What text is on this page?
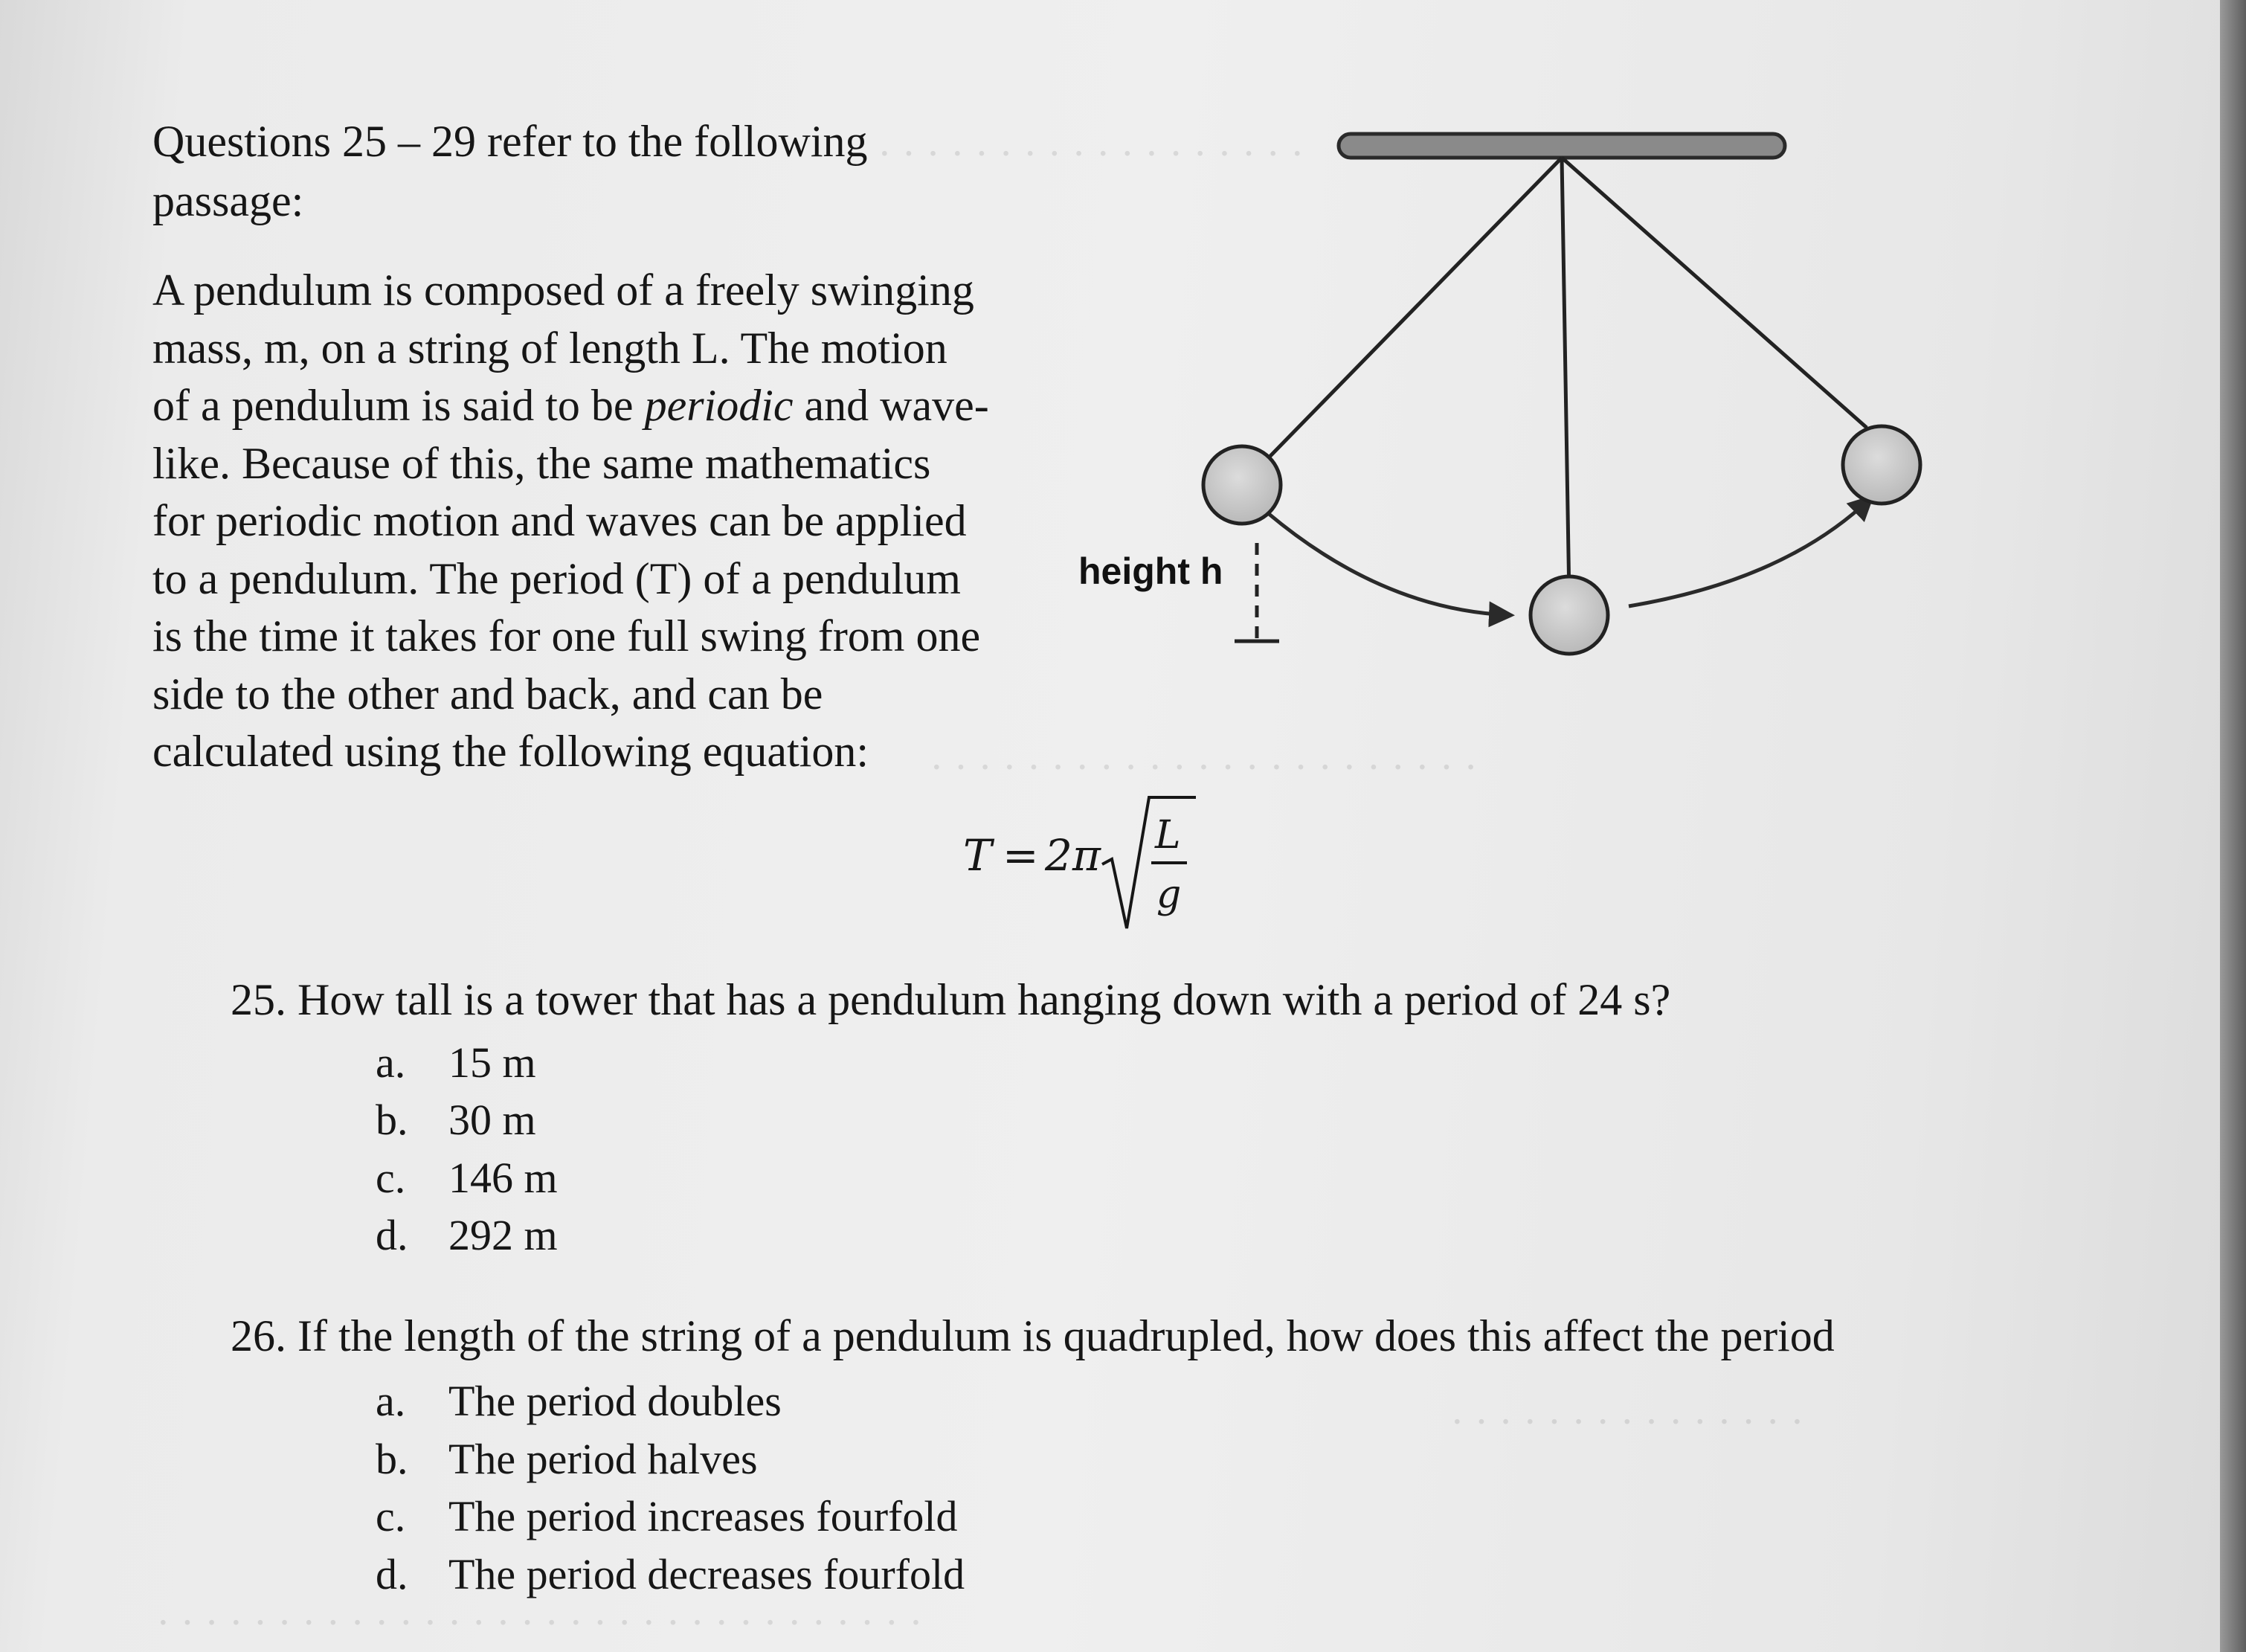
· · · · · · · · · · · · · · · · · ·
· · · · · · · · · · · · · · · · · · · · · · ·
· · · · · · · · · · · · · · ·
· · · · · · · · · · · · · · · · · · · · · · · · · · · · · · · ·
Questions 25 – 29 refer to the following
passage:
A pendulum is composed of a freely swinging
mass, m, on a string of length L. The motion
of a pendulum is said to be periodic and wave-
like. Because of this, the same mathematics
for periodic motion and waves can be applied
to a pendulum. The period (T) of a pendulum
is the time it takes for one full swing from one
side to the other and back, and can be
calculated using the following equation:
height h
T = 2π L
g
25. How tall is a tower that has a pendulum hanging down with a period of 24 s?
a. 15 m
b. 30 m
c. 146 m
d. 292 m
26. If the length of the string of a pendulum is quadrupled, how does this affect the period
a. The period doubles
b. The period halves
c. The period increases fourfold
d. The period decreases fourfold
